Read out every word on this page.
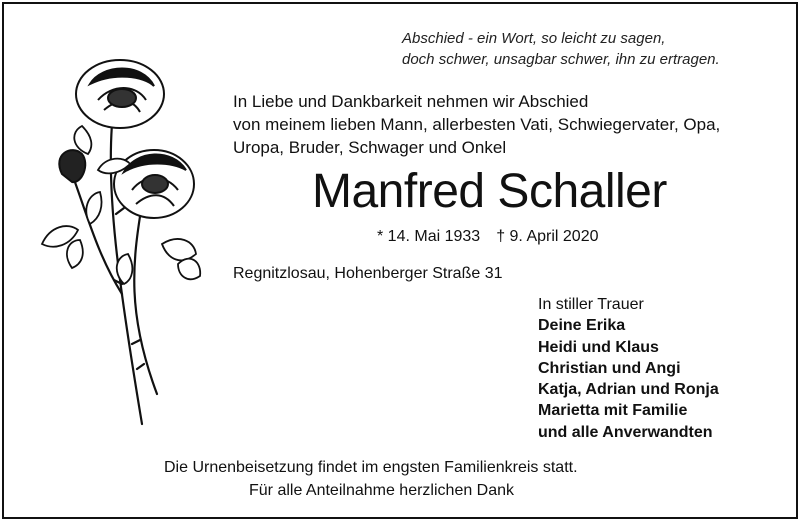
Abschied - ein Wort, so leicht zu sagen,
doch schwer, unsagbar schwer, ihn zu ertragen.
In Liebe und Dankbarkeit nehmen wir Abschied
von meinem lieben Mann, allerbesten Vati, Schwiegervater, Opa,
Uropa, Bruder, Schwager und Onkel
Manfred Schaller
* 14. Mai 1933 † 9. April 2020
Regnitzlosau, Hohenberger Straße 31
In stiller Trauer
Deine Erika
Heidi und Klaus
Christian und Angi
Katja, Adrian und Ronja
Marietta mit Familie
und alle Anverwandten
Die Urnenbeisetzung findet im engsten Familienkreis statt.
Für alle Anteilnahme herzlichen Dank
